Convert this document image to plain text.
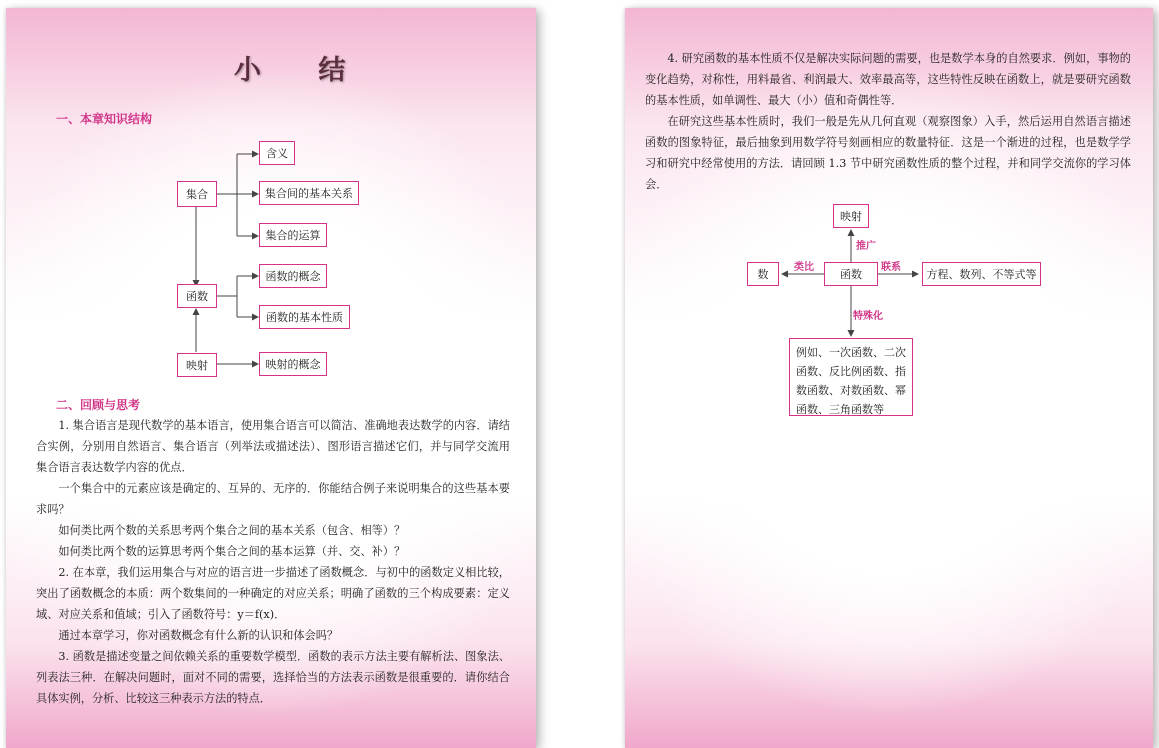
小 结
一、本章知识结构
集合
含义
集合间的基本关系
集合的运算
函数
函数的概念
函数的基本性质
映射	映射的概念
二、回顾与思考

1. 集合语言是现代数学的基本语言，使用集合语言可以简洁、准确地表达数学的内容．请结合实例，分别用自然语言、集合语言（列举法或描述法）、图形语言描述它们，并与同学交流用集合语言表达数学内容的优点．

一个集合中的元素应该是确定的、互异的、无序的．你能结合例子来说明集合的这些基本要求吗？

如何类比两个数的关系思考两个集合之间的基本关系（包含、相等）？

如何类比两个数的运算思考两个集合之间的基本运算（并、交、补）？

2. 在本章，我们运用集合与对应的语言进一步描述了函数概念．与初中的函数定义相比较，突出了函数概念的本质：两个数集间的一种确定的对应关系；明确了函数的三个构成要素：定义域、对应关系和值域；引入了函数符号：y＝f(x)．

通过本章学习，你对函数概念有什么新的认识和体会吗？

3. 函数是描述变量之间依赖关系的重要数学模型．函数的表示方法主要有解析法、图象法、列表法三种．在解决问题时，面对不同的需要，选择恰当的方法表示函数是很重要的．请你结合具体实例，分析、比较这三种表示方法的特点．

4. 研究函数的基本性质不仅是解决实际问题的需要，也是数学本身的自然要求．例如，事物的变化趋势，对称性，用料最省、利润最大、效率最高等，这些特性反映在函数上，就是要研究函数的基本性质，如单调性、最大（小）值和奇偶性等．

在研究这些基本性质时，我们一般是先从几何直观（观察图象）入手，然后运用自然语言描述函数的图象特征，最后抽象到用数学符号刻画相应的数量特征．这是一个渐进的过程，也是数学学习和研究中经常使用的方法．请回顾 1.3 节中研究函数性质的整个过程，并和同学交流你的学习体会．

映射
推广
数
类比
函数
联系
方程、数列、不等式等
特殊化
例如、一次函数、二次函数、反比例函数、指数函数、对数函数、幂函数、三角函数等
